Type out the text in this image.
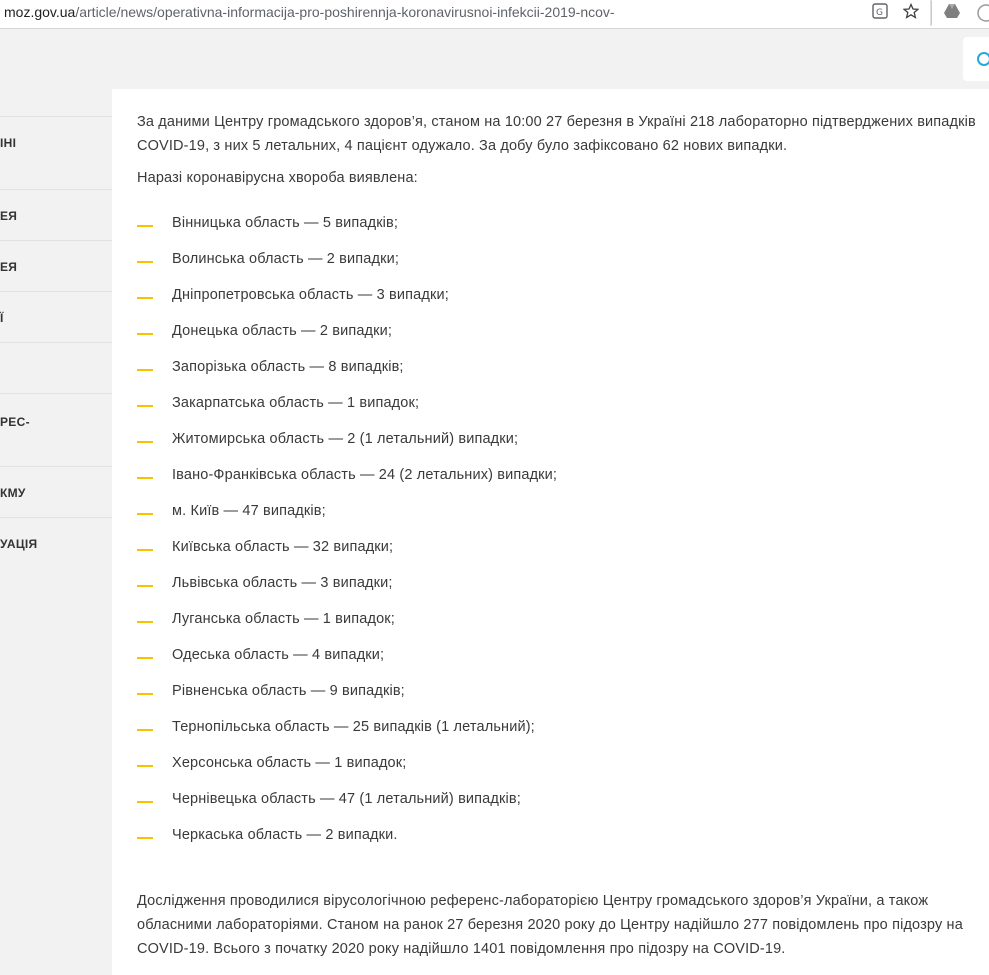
moz.gov.ua/article/news/operativna-informacija-pro-poshirennja-koronavirusnoi-infekcii-2019-ncov-	G
ІНІ
ЕЯ
ЕЯ
Ї
РЕС-
КМУ
УАЦІЯ
За даними Центру громадського здоров’я, станом на 10:00 27 березня в Україні 218 лабораторно підтверджених випадків COVID-19, з них 5 летальних, 4 пацієнт одужало. За добу було зафіксовано 62 нових випадки.
Наразі коронавірусна хвороба виявлена:
Вінницька область — 5 випадків;
Волинська область — 2 випадки;
Дніпропетровська область — 3 випадки;
Донецька область — 2 випадки;
Запорізька область — 8 випадків;
Закарпатська область — 1 випадок;
Житомирська область — 2 (1 летальний) випадки;
Івано-Франківська область — 24 (2 летальних) випадки;
м. Київ — 47 випадків;
Київська область — 32 випадки;
Львівська область — 3 випадки;
Луганська область — 1 випадок;
Одеська область — 4 випадки;
Рівненська область — 9 випадків;
Тернопільська область — 25 випадків (1 летальний);
Херсонська область — 1 випадок;
Чернівецька область — 47 (1 летальний) випадків;
Черкаська область — 2 випадки.
Дослідження проводилися вірусологічною референс-лабораторією Центру громадського здоров’я України, а також обласними лабораторіями. Станом на ранок 27 березня 2020 року до Центру надійшло 277 повідомлень про підозру на COVID-19. Всього з початку 2020 року надійшло 1401 повідомлення про підозру на COVID-19.
